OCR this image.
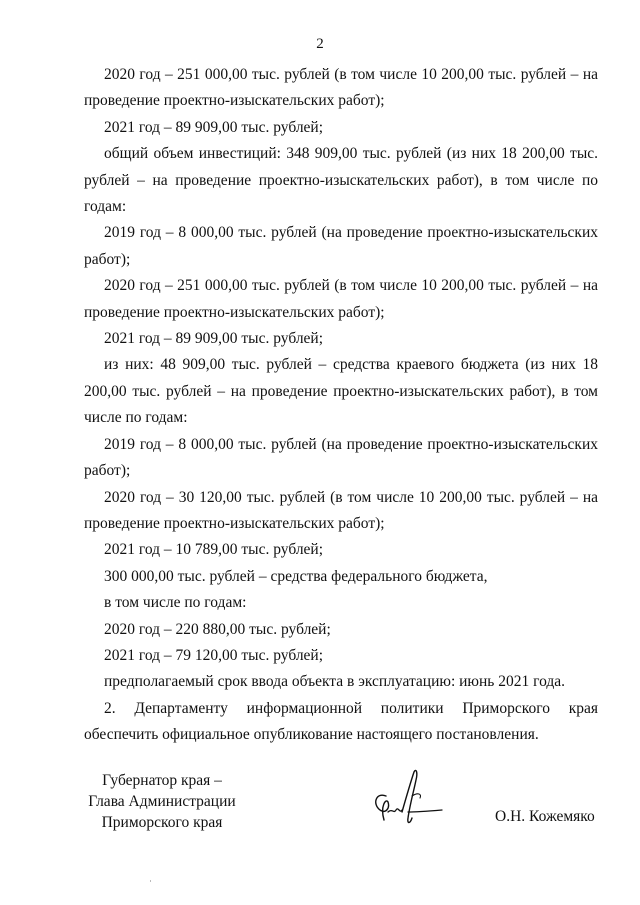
2

2020 год – 251 000,00 тыс. рублей (в том числе 10 200,00 тыс. рублей – на проведение проектно-изыскательских работ);

2021 год – 89 909,00 тыс. рублей;

общий объем инвестиций: 348 909,00 тыс. рублей (из них 18 200,00 тыс. рублей – на проведение проектно-изыскательских работ), в том числе по годам:

2019 год – 8 000,00 тыс. рублей (на проведение проектно-изыскательских работ);

2020 год – 251 000,00 тыс. рублей (в том числе 10 200,00 тыс. рублей – на проведение проектно-изыскательских работ);

2021 год – 89 909,00 тыс. рублей;

из них: 48 909,00 тыс. рублей – средства краевого бюджета (из них 18 200,00 тыс. рублей – на проведение проектно-изыскательских работ), в том числе по годам:

2019 год – 8 000,00 тыс. рублей (на проведение проектно-изыскательских работ);

2020 год – 30 120,00 тыс. рублей (в том числе 10 200,00 тыс. рублей – на проведение проектно-изыскательских работ);

2021 год – 10 789,00 тыс. рублей;

300 000,00 тыс. рублей – средства федерального бюджета,

в том числе по годам:

2020 год – 220 880,00 тыс. рублей;

2021 год – 79 120,00 тыс. рублей;

предполагаемый срок ввода объекта в эксплуатацию: июнь 2021 года.

2. Департаменту информационной политики Приморского края обеспечить официальное опубликование настоящего постановления.

Губернатор края –
Глава Администрации
Приморского края	О.Н. Кожемяко
